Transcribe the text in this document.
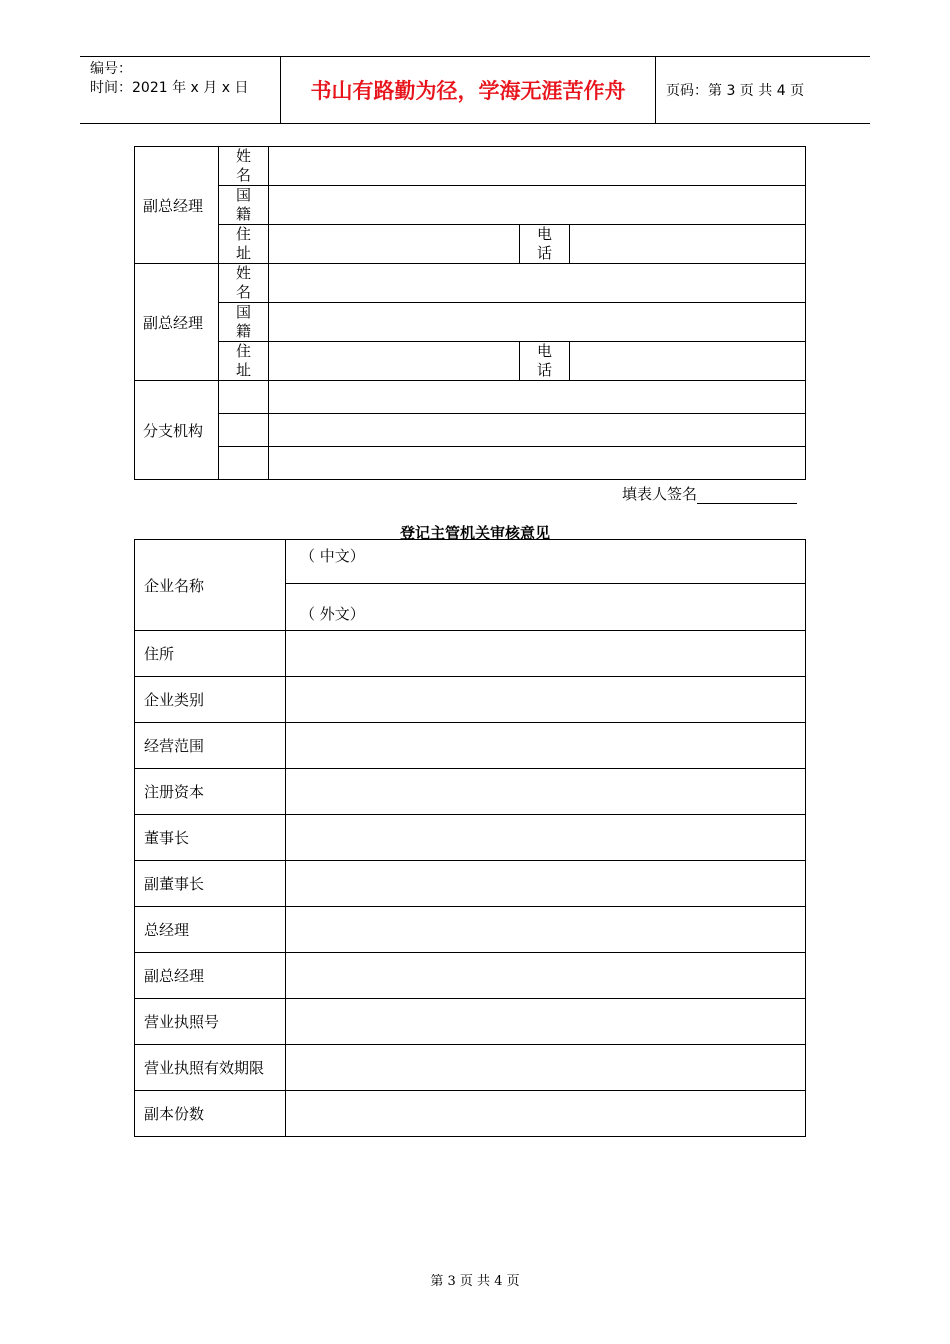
编号：
时间：2021 年 x 月 x 日	书山有路勤为径，学海无涯苦作舟	页码：第 3 页 共 4 页
副总经理	姓
名			

	国
籍			

	住
址		电
话	

副总经理	姓
名			

	国
籍			

	住
址		电
话	

分支机构				

填表人签名
登记主管机关审核意见
企业名称	（ 中文）
	（ 外文）
住所	
企业类别	
经营范围	
注册资本	
董事长	
副董事长	
总经理	
副总经理	
营业执照号	
营业执照有效期限	
副本份数	
第 3 页 共 4 页
